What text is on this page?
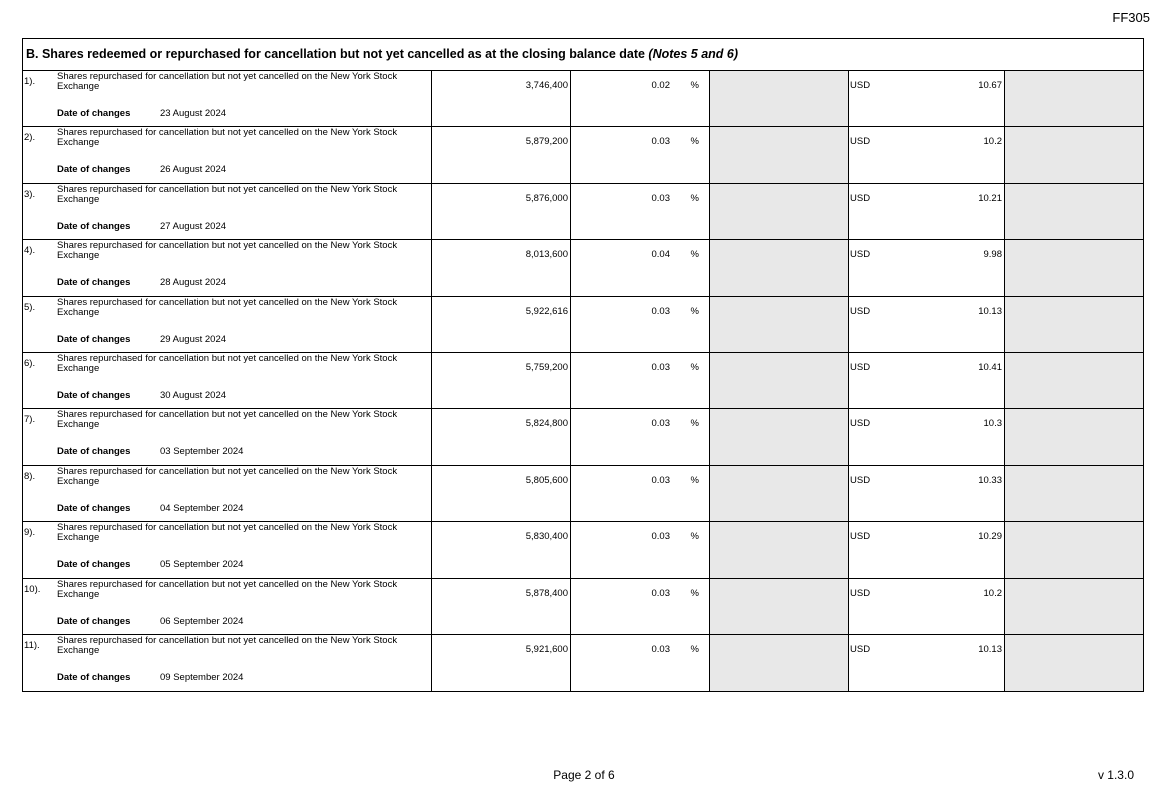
FF305
B. Shares redeemed or repurchased for cancellation but not yet cancelled as at the closing balance date (Notes 5 and 6)
1). Shares repurchased for cancellation but not yet cancelled on the New York Stock Exchange
Date of changes	23 August 2024
3,746,400	0.02 %	USD	10.67
2). Shares repurchased for cancellation but not yet cancelled on the New York Stock Exchange
Date of changes	26 August 2024
5,879,200	0.03 %	USD	10.2
3). Shares repurchased for cancellation but not yet cancelled on the New York Stock Exchange
Date of changes	27 August 2024
5,876,000	0.03 %	USD	10.21
4). Shares repurchased for cancellation but not yet cancelled on the New York Stock Exchange
Date of changes	28 August 2024
8,013,600	0.04 %	USD	9.98
5). Shares repurchased for cancellation but not yet cancelled on the New York Stock Exchange
Date of changes	29 August 2024
5,922,616	0.03 %	USD	10.13
6). Shares repurchased for cancellation but not yet cancelled on the New York Stock Exchange
Date of changes	30 August 2024
5,759,200	0.03 %	USD	10.41
7). Shares repurchased for cancellation but not yet cancelled on the New York Stock Exchange
Date of changes	03 September 2024
5,824,800	0.03 %	USD	10.3
8). Shares repurchased for cancellation but not yet cancelled on the New York Stock Exchange
Date of changes	04 September 2024
5,805,600	0.03 %	USD	10.33
9). Shares repurchased for cancellation but not yet cancelled on the New York Stock Exchange
Date of changes	05 September 2024
5,830,400	0.03 %	USD	10.29
10). Shares repurchased for cancellation but not yet cancelled on the New York Stock Exchange
Date of changes	06 September 2024
5,878,400	0.03 %	USD	10.2
11). Shares repurchased for cancellation but not yet cancelled on the New York Stock Exchange
Date of changes	09 September 2024
5,921,600	0.03 %	USD	10.13
Page 2 of 6	v 1.3.0
